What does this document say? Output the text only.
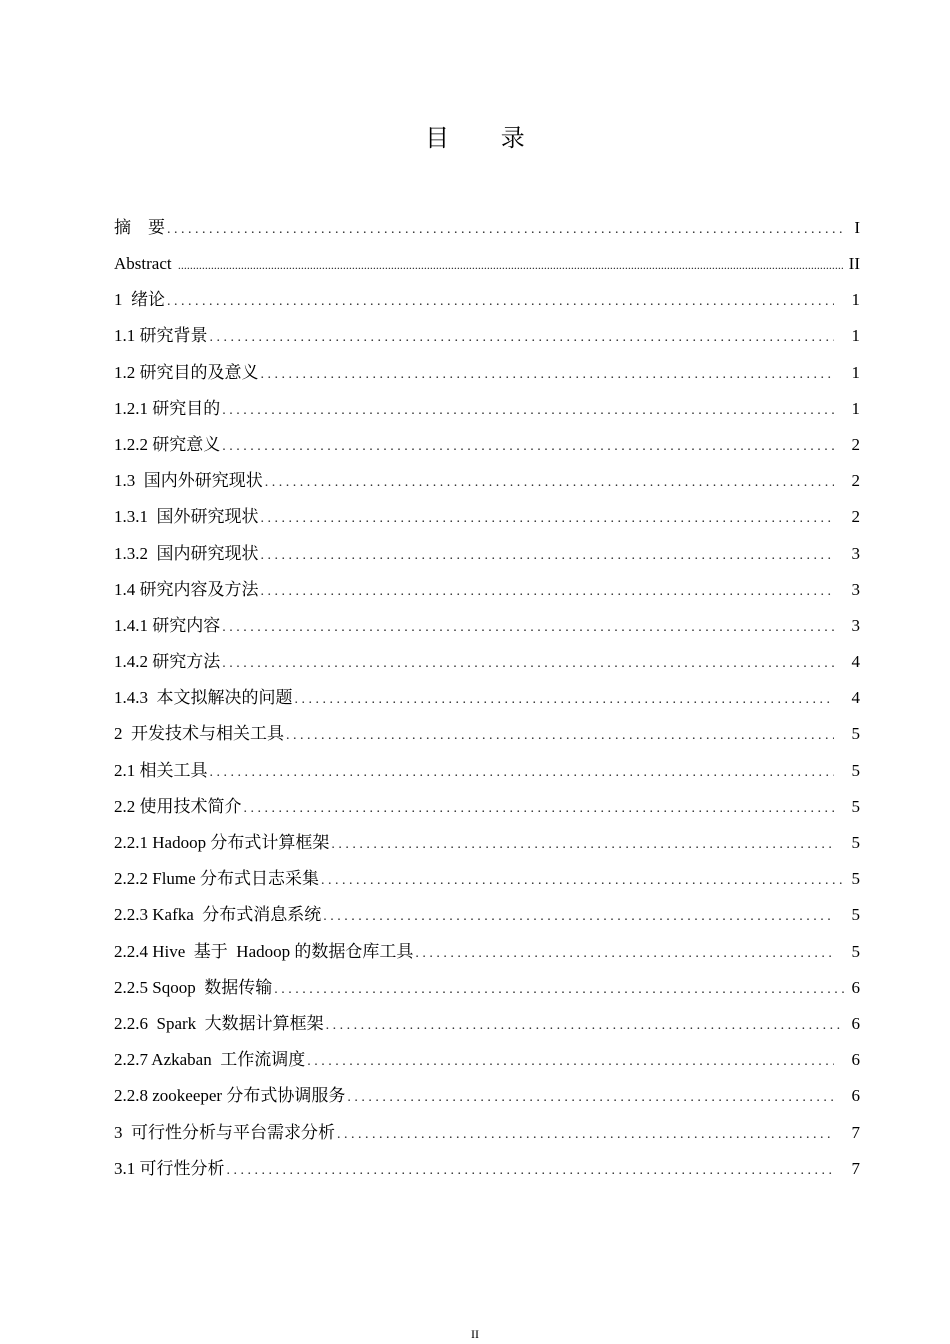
目 录
摘    要 . . .	I
Abstract .....	II
1  绪论 . . .	1
1.1 研究背景 . . .	1
1.2 研究目的及意义 . . .	1
1.2.1 研究目的 . . .	1
1.2.2 研究意义 . . .	2
1.3  国内外研究现状 . . .	2
1.3.1  国外研究现状 . . .	2
1.3.2  国内研究现状 . . .	3
1.4 研究内容及方法 . . .	3
1.4.1 研究内容 . . .	3
1.4.2 研究方法 . . .	4
1.4.3  本文拟解决的问题 . . .	4
2  开发技术与相关工具 . . .	5
2.1 相关工具 . . .	5
2.2 使用技术简介 . . .	5
2.2.1 Hadoop 分布式计算框架 . . .	5
2.2.2 Flume 分布式日志采集 . . .	5
2.2.3 Kafka  分布式消息系统 . . .	5
2.2.4 Hive  基于  Hadoop 的数据仓库工具 . . .	5
2.2.5 Sqoop  数据传输 . . .	6
2.2.6  Spark  大数据计算框架 . . .	6
2.2.7 Azkaban  工作流调度 . . .	6
2.2.8 zookeeper 分布式协调服务 . . .	6
3  可行性分析与平台需求分析 . . .	7
3.1 可行性分析 . . .	7
II
